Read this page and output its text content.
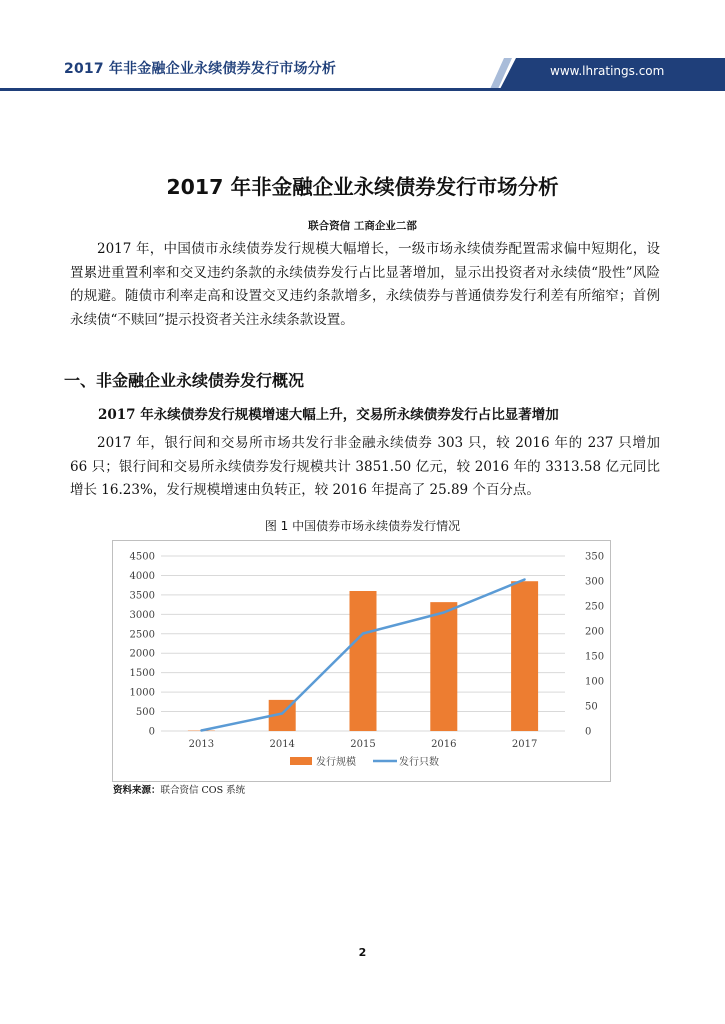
2017 年非金融企业永续债券发行市场分析	www.lhratings.com
2017 年非金融企业永续债券发行市场分析
联合资信 工商企业二部
2017 年，中国债市永续债券发行规模大幅增长，一级市场永续债券配置需求偏中短期化，设置累进重置利率和交叉违约条款的永续债券发行占比显著增加，显示出投资者对永续债“股性”风险的规避。随债市利率走高和设置交叉违约条款增多，永续债券与普通债券发行利差有所缩窄；首例永续债“不赎回”提示投资者关注永续条款设置。
一、非金融企业永续债券发行概况
2017 年永续债券发行规模增速大幅上升，交易所永续债券发行占比显著增加
2017 年，银行间和交易所市场共发行非金融永续债券 303 只，较 2016 年的 237 只增加 66 只；银行间和交易所永续债券发行规模共计 3851.50 亿元，较 2016 年的 3313.58 亿元同比增长 16.23%，发行规模增速由负转正，较 2016 年提高了 25.89 个百分点。
图 1 中国债券市场永续债券发行情况
0
500
1000
1500
2000
2500
3000
3500
4000
4500
0
50
100
150
200
250
300
350
2013	2014	2015	2016	2017
发行规模	发行只数
资料来源：联合资信 COS 系统
2
